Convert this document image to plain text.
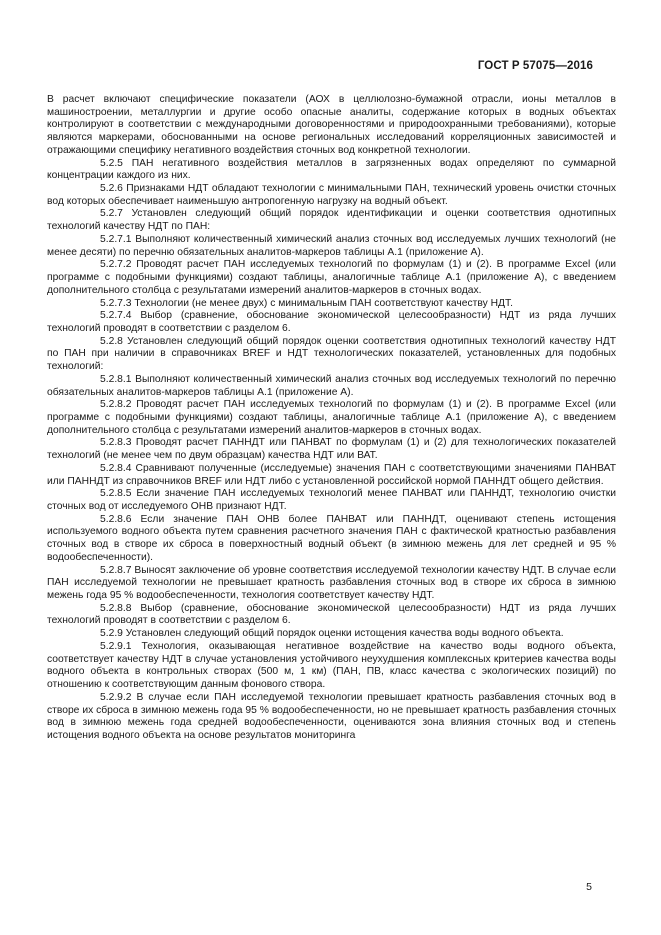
ГОСТ Р 57075—2016

В расчет включают специфические показатели (АОХ в целлюлозно-бумажной отрасли, ионы металлов в машиностроении, металлургии и другие особо опасные аналиты, содержание которых в водных объектах контролируют в соответствии с международными договоренностями и природоохранными требованиями), которые являются маркерами, обоснованными на основе региональных исследований корреляционных зависимостей и отражающими специфику негативного воздействия сточных вод конкретной технологии.

5.2.5 ПАН негативного воздействия металлов в загрязненных водах определяют по суммарной концентрации каждого из них.

5.2.6 Признаками НДТ обладают технологии с минимальными ПАН, технический уровень очистки сточных вод которых обеспечивает наименьшую антропогенную нагрузку на водный объект.

5.2.7 Установлен следующий общий порядок идентификации и оценки соответствия однотипных технологий качеству НДТ по ПАН:

5.2.7.1 Выполняют количественный химический анализ сточных вод исследуемых лучших технологий (не менее десяти) по перечню обязательных аналитов-маркеров таблицы А.1 (приложение А).

5.2.7.2 Проводят расчет ПАН исследуемых технологий по формулам (1) и (2). В программе Excel (или программе с подобными функциями) создают таблицы, аналогичные таблице А.1 (приложение А), с введением дополнительного столбца с результатами измерений аналитов-маркеров в сточных водах.

5.2.7.3 Технологии (не менее двух) с минимальным ПАН соответствуют качеству НДТ.

5.2.7.4 Выбор (сравнение, обоснование экономической целесообразности) НДТ из ряда лучших технологий проводят в соответствии с разделом 6.

5.2.8 Установлен следующий общий порядок оценки соответствия однотипных технологий качеству НДТ по ПАН при наличии в справочниках BREF и НДТ технологических показателей, установленных для подобных технологий:

5.2.8.1 Выполняют количественный химический анализ сточных вод исследуемых технологий по перечню обязательных аналитов-маркеров таблицы А.1 (приложение А).

5.2.8.2 Проводят расчет ПАН исследуемых технологий по формулам (1) и (2). В программе Excel (или программе с подобными функциями) создают таблицы, аналогичные таблице А.1 (приложение А), с введением дополнительного столбца с результатами измерений аналитов-маркеров в сточных водах.

5.2.8.3 Проводят расчет ПАННДТ или ПАНВАТ по формулам (1) и (2) для технологических показателей технологий (не менее чем по двум образцам) качества НДТ или ВАТ.

5.2.8.4 Сравнивают полученные (исследуемые) значения ПАН с соответствующими значениями ПАНВАТ или ПАННДТ из справочников BREF или НДТ либо с установленной российской нормой ПАННДТ общего действия.

5.2.8.5 Если значение ПАН исследуемых технологий менее ПАНВАТ или ПАННДТ, технологию очистки сточных вод от исследуемого ОНВ признают НДТ.

5.2.8.6 Если значение ПАН ОНВ более ПАНВАТ или ПАННДТ, оценивают степень истощения используемого водного объекта путем сравнения расчетного значения ПАН с фактической кратностью разбавления сточных вод в створе их сброса в поверхностный водный объект (в зимнюю межень для лет средней и 95 % водообеспеченности).

5.2.8.7 Выносят заключение об уровне соответствия исследуемой технологии качеству НДТ. В случае если ПАН исследуемой технологии не превышает кратность разбавления сточных вод в створе их сброса в зимнюю межень года 95 % водообеспеченности, технология соответствует качеству НДТ.

5.2.8.8 Выбор (сравнение, обоснование экономической целесообразности) НДТ из ряда лучших технологий проводят в соответствии с разделом 6.

5.2.9 Установлен следующий общий порядок оценки истощения качества воды водного объекта.

5.2.9.1 Технология, оказывающая негативное воздействие на качество воды водного объекта, соответствует качеству НДТ в случае установления устойчивого неухудшения комплексных критериев качества воды водного объекта в контрольных створах (500 м, 1 км) (ПАН, ПВ, класс качества с экологических позиций) по отношению к соответствующим данным фонового створа.

5.2.9.2 В случае если ПАН исследуемой технологии превышает кратность разбавления сточных вод в створе их сброса в зимнюю межень года 95 % водообеспеченности, но не превышает кратность разбавления сточных вод в зимнюю межень года средней водообеспеченности, оцениваются зона влияния сточных вод и степень истощения водного объекта на основе результатов мониторинга

5
